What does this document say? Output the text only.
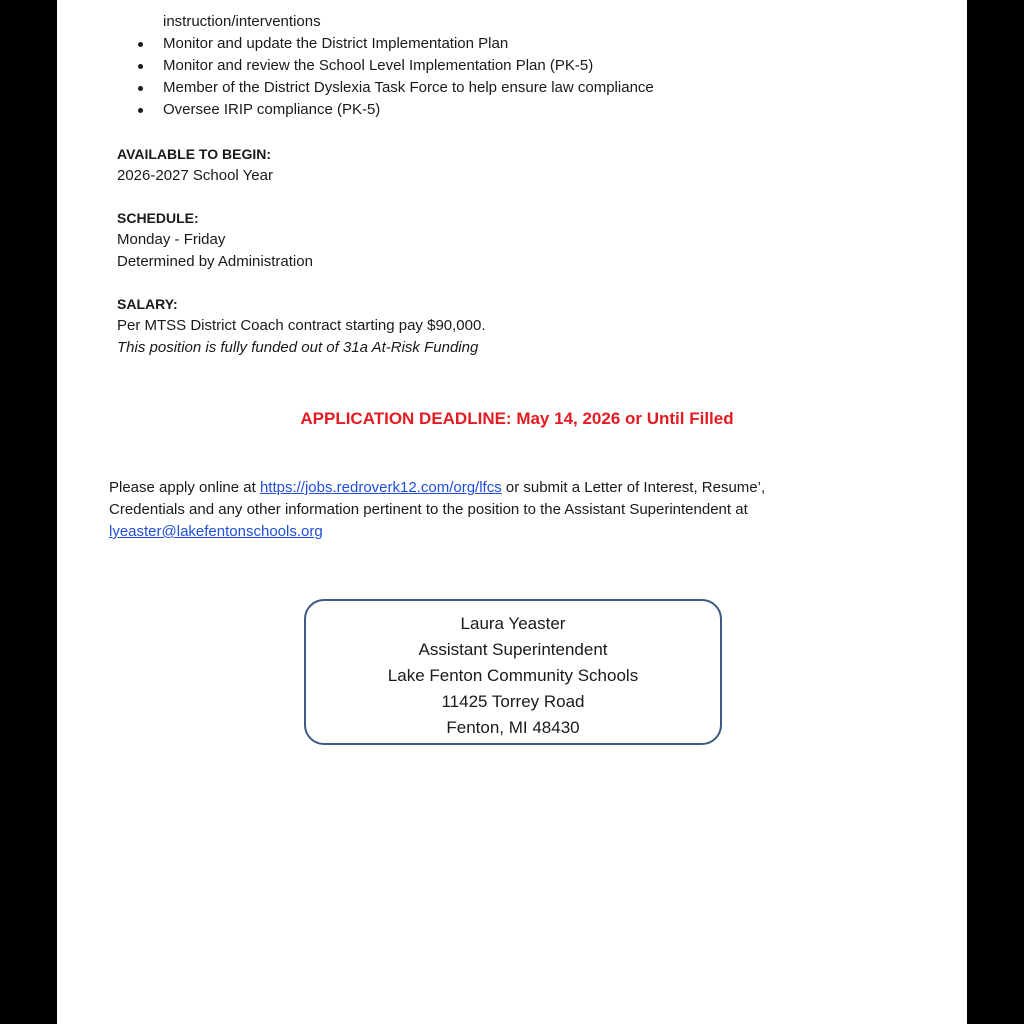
instruction/interventions
Monitor and update the District Implementation Plan
Monitor and review the School Level Implementation Plan (PK-5)
Member of the District Dyslexia Task Force to help ensure law compliance
Oversee IRIP compliance (PK-5)
AVAILABLE TO BEGIN:
2026-2027 School Year
SCHEDULE:
Monday - Friday
Determined by Administration
SALARY:
Per MTSS District Coach contract starting pay $90,000.
This position is fully funded out of 31a At-Risk Funding
APPLICATION DEADLINE: May 14, 2026 or Until Filled
Please apply online at https://jobs.redroverk12.com/org/lfcs or submit a Letter of Interest, Resume’,
Credentials and any other information pertinent to the position to the Assistant Superintendent at
lyeaster@lakefentonschools.org
Laura Yeaster
Assistant Superintendent
Lake Fenton Community Schools
11425 Torrey Road
Fenton, MI 48430
